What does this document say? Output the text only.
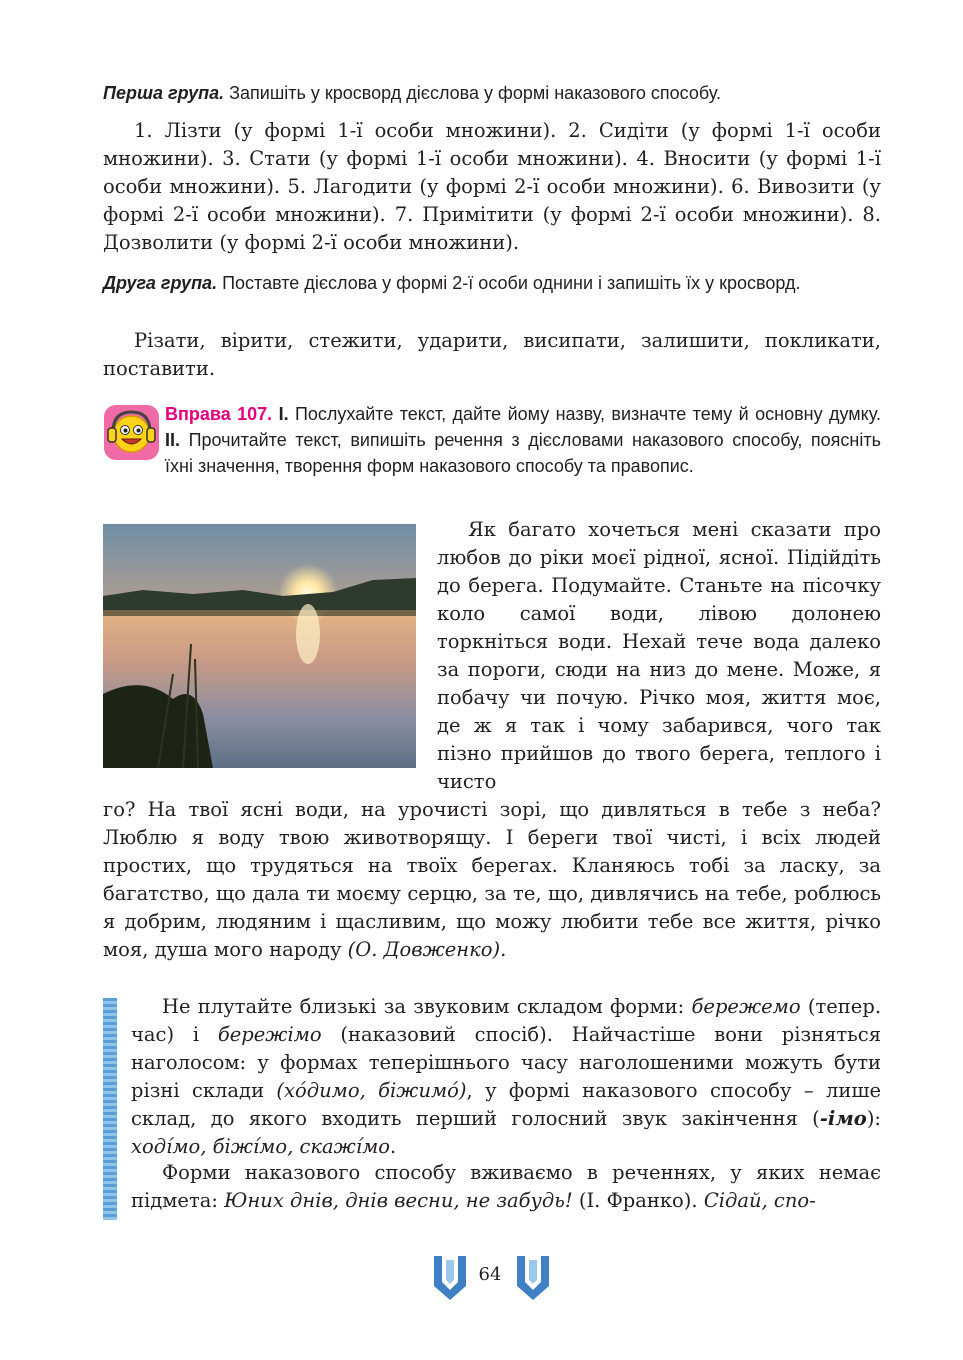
Перша група. Запишіть у кросворд дієслова у формі наказового способу.
1. Лізти (у формі 1-ї особи множини). 2. Сидіти (у формі 1-ї особи множини). 3. Стати (у формі 1-ї особи множини). 4. Вносити (у формі 1-ї особи множини). 5. Лагодити (у формі 2-ї особи множини). 6. Вивозити (у формі 2-ї особи множини). 7. Примітити (у формі 2-ї особи множини). 8. Дозволити (у формі 2-ї особи множини).
Друга група. Поставте дієслова у формі 2-ї особи однини і запишіть їх у кросворд.
Різати, вірити, стежити, ударити, висипати, залишити, покликати, поставити.
Вправа 107. І. Послухайте текст, дайте йому назву, визначте тему й основну думку. ІІ. Прочитайте текст, випишіть речення з дієсловами наказового способу, поясніть їхні значення, творення форм наказового способу та правопис.
Як багато хочеться мені сказати про любов до ріки моєї рідної, ясної. Підійдіть до берега. Подумайте. Станьте на пісочку коло самої води, лівою долонею торкніться води. Нехай тече вода далеко за пороги, сюди на низ до мене. Може, я побачу чи почую. Річко моя, життя моє, де ж я так і чому забарився, чого так пізно прийшов до твого берега, теплого і чисто
го? На твої ясні води, на урочисті зорі, що дивляться в тебе з неба? Люблю я воду твою животворящу. І береги твої чисті, і всіх людей простих, що трудяться на твоїх берегах. Кланяюсь тобі за ласку, за багатство, що дала ти моєму серцю, за те, що, дивлячись на тебе, роблюсь я добрим, людяним і щасливим, що можу любити тебе все життя, річко моя, душа мого народу (О. Довженко).
Не плутайте близькі за звуковим складом форми: бережемо (тепер. час) і бережімо (наказовий спосіб). Найчастіше вони різняться наголосом: у формах теперішнього часу наголошеними можуть бути різні склади (хóдимо, біжимó), у формі наказового способу – лише склад, до якого входить перший голосний звук закінчення (-імо): ходíмо, біжíмо, скажíмо.
Форми наказового способу вживаємо в реченнях, у яких немає підмета: Юних днів, днів весни, не забудь! (І. Франко). Сідай, спо-
64
